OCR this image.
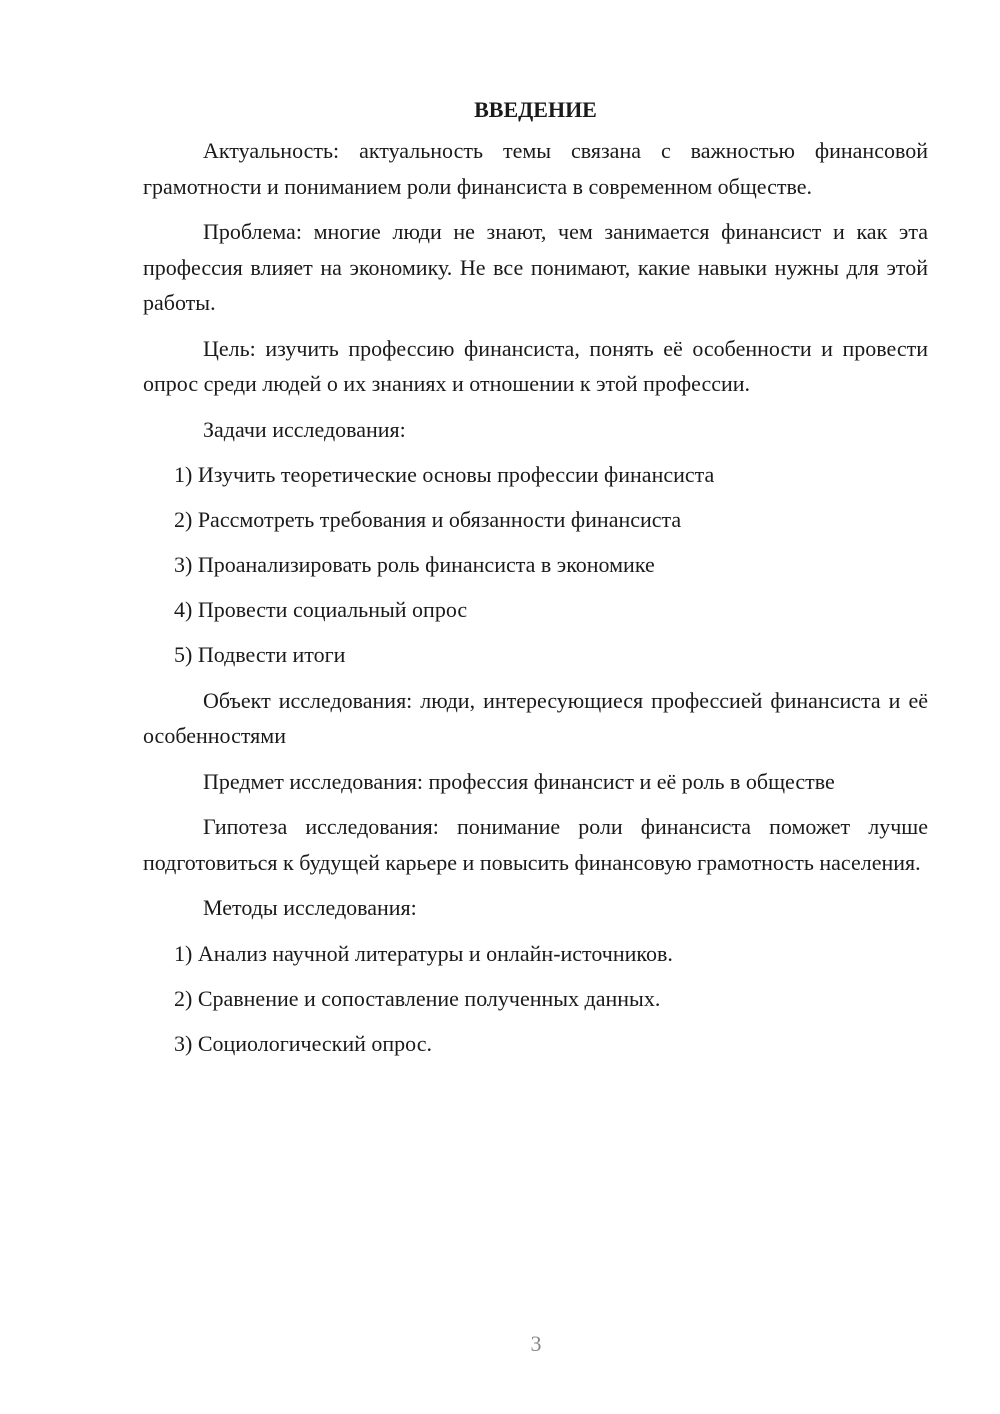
ВВЕДЕНИЕ

Актуальность: актуальность темы связана с важностью финансовой грамотности и пониманием роли финансиста в современном обществе.

Проблема: многие люди не знают, чем занимается финансист и как эта профессия влияет на экономику. Не все понимают, какие навыки нужны для этой работы.

Цель: изучить профессию финансиста, понять её особенности и провести опрос среди людей о их знаниях и отношении к этой профессии.

Задачи исследования:

1) Изучить теоретические основы профессии финансиста
2) Рассмотреть требования и обязанности финансиста
3) Проанализировать роль финансиста в экономике
4) Провести социальный опрос
5) Подвести итоги

Объект исследования: люди, интересующиеся профессией финансиста и её особенностями

Предмет исследования: профессия финансист и её роль в обществе

Гипотеза исследования: понимание роли финансиста поможет лучше подготовиться к будущей карьере и повысить финансовую грамотность населения.

Методы исследования:

1) Анализ научной литературы и онлайн-источников.
2) Сравнение и сопоставление полученных данных.
3) Социологический опрос.
3
